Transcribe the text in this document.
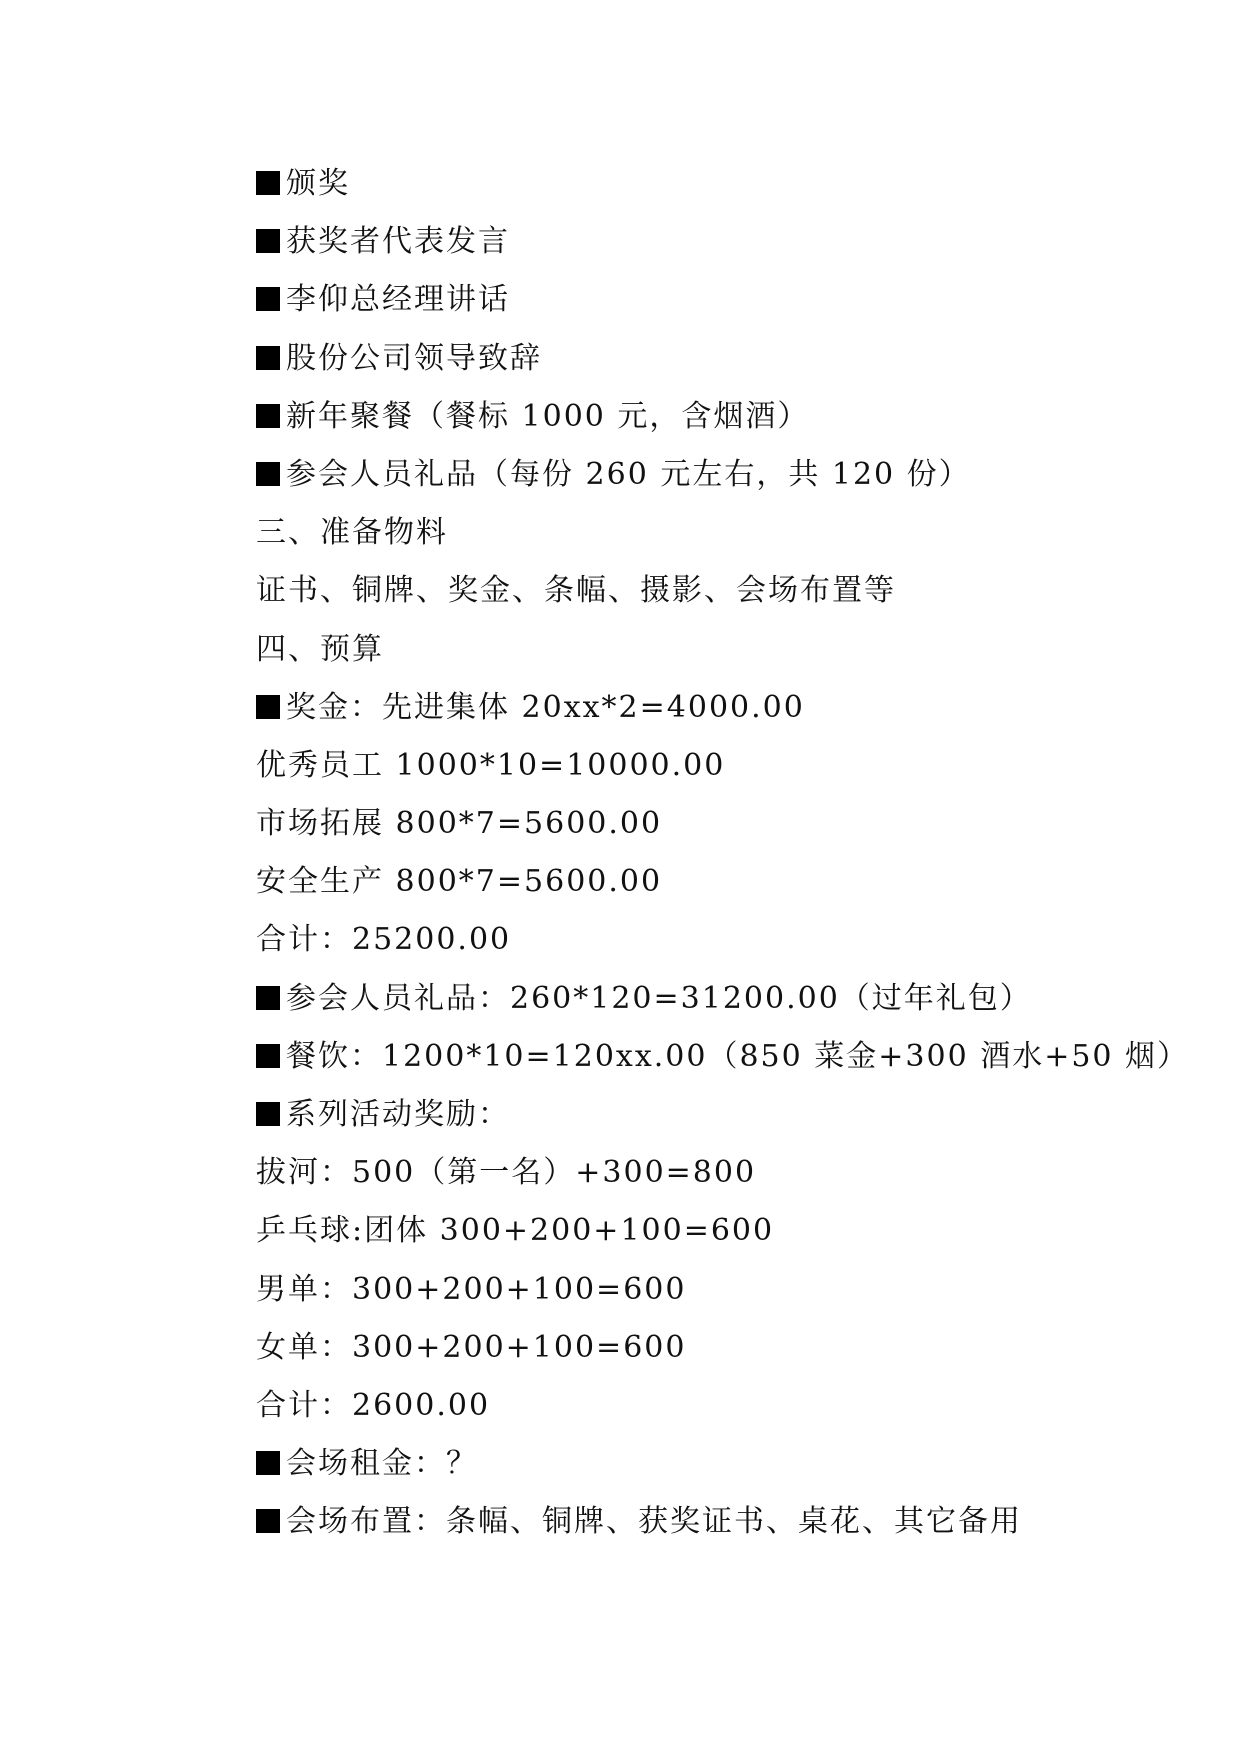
颁奖
获奖者代表发言
李仰总经理讲话
股份公司领导致辞
新年聚餐（餐标 1000 元，含烟酒）
参会人员礼品（每份 260 元左右，共 120 份）
三、准备物料
证书、铜牌、奖金、条幅、摄影、会场布置等
四、预算
奖金：先进集体 20xx*2=4000.00
优秀员工 1000*10=10000.00
市场拓展 800*7=5600.00
安全生产 800*7=5600.00
合计：25200.00
参会人员礼品：260*120=31200.00（过年礼包）
餐饮：1200*10=120xx.00（850 菜金+300 酒水+50 烟）
系列活动奖励：
拔河：500（第一名）+300=800
乒乓球:团体 300+200+100=600
男单：300+200+100=600
女单：300+200+100=600
合计：2600.00
会场租金：？
会场布置：条幅、铜牌、获奖证书、桌花、其它备用
